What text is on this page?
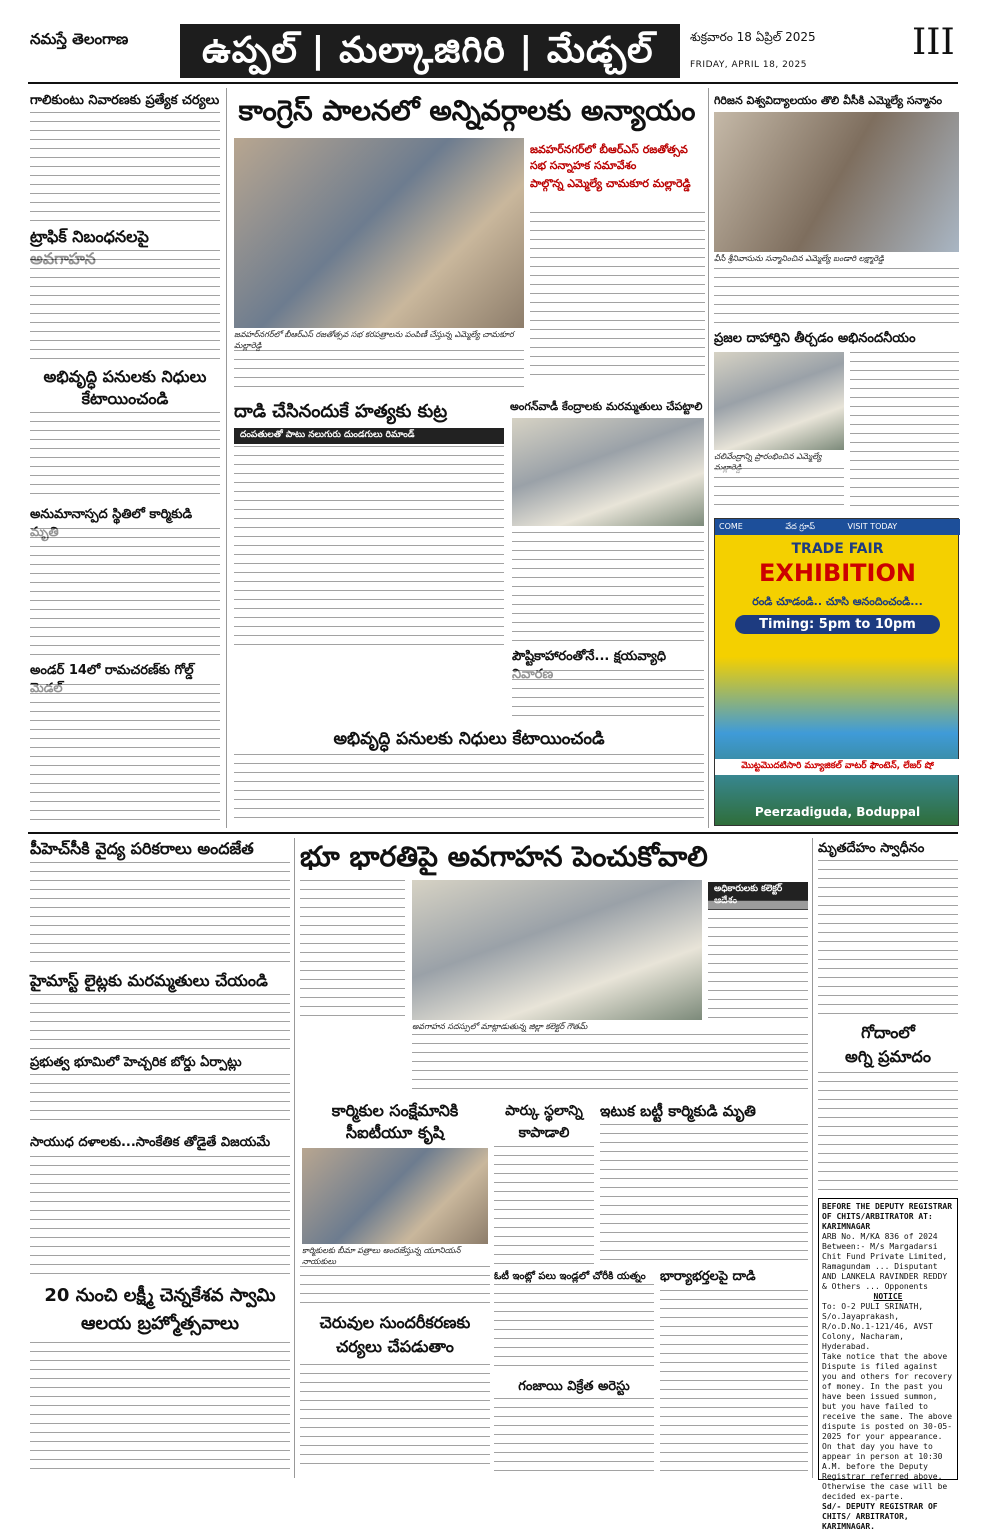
నమస్తే తెలంగాణ	ఉప్పల్ | మల్కాజిగిరి | మేడ్చల్	శుక్రవారం 18 ఏప్రిల్ 2025
FRIDAY, APRIL 18, 2025
III
గాలికుంటు నివారణకు ప్రత్యేక చర్యలు
ట్రాఫిక్ నిబంధనలపై
అభివృద్ధి పనులకు నిధులు కేటాయించండి
అనుమానాస్పద స్థితిలో కార్మికుడి
అండర్ 14లో రామచరణ్‌కు గోల్డ్
కాంగ్రెస్ పాలనలో అన్నివర్గాలకు అన్యాయం
జవహర్‌నగర్‌లో బీఆర్‌ఎస్ రజతోత్సవ సభ కరపత్రాలను పంపిణీ చేస్తున్న ఎమ్మెల్యే చామకూర మల్లారెడ్డి
జవహర్‌నగర్‌లో బీఆర్‌ఎస్ రజతోత్సవ సభ సన్నాహక సమావేశం
పాల్గొన్న ఎమ్మెల్యే చామకూర మల్లారెడ్డి
దాడి చేసినందుకే హత్యకు కుట్ర
దంపతులతో పాటు నలుగురు దుండగులు రిమాండ్
అంగన్‌వాడీ కేంద్రాలకు మరమ్మతులు చేపట్టాలి
పౌష్టికాహారంతోనే... క్షయవ్యాధి
అభివృద్ధి పనులకు నిధులు కేటాయించండి
గిరిజన విశ్వవిద్యాలయం తొలి వీసీకి ఎమ్మెల్యే సన్మానం
వీసీ శ్రీనివాసును సన్మానించిన ఎమ్మెల్యే బండారి లక్ష్మారెడ్డి
ప్రజల దాహార్తిని తీర్చడం అభినందనీయం
చలివేంద్రాన్ని ప్రారంభించిన ఎమ్మెల్యే
COME	వేద గ్రూప్	VISIT TODAY
TRADE FAIR
EXHIBITION
రండి చూడండి.. చూసి ఆనందించండి...
Timing: 5pm to 10pm
మొట్టమొదటిసారి మ్యూజికల్ వాటర్ ఫౌంటెన్, లేజర్ షో
Peerzadiguda, Boduppal
పీహెచ్‌సీకి వైద్య పరికరాలు అందజేత
హైమాస్ట్ లైట్లకు మరమ్మతులు చేయండి
ప్రభుత్వ భూమిలో హెచ్చరిక బోర్డు ఏర్పాట్లు
సాయుధ దళాలకు...సాంకేతిక తోడైతే విజయమే
20 నుంచి లక్ష్మీ చెన్నకేశవ స్వామి
ఆలయ బ్రహ్మోత్సవాలు
భూ భారతిపై అవగాహన పెంచుకోవాలి
అవగాహన సదస్సులో మాట్లాడుతున్న జిల్లా కలెక్టర్ గౌతమ్
అధికారులకు కలెక్టర్
కార్మికుల సంక్షేమానికి
సీఐటీయూ కృషి
కార్మికులకు బీమా పత్రాలు అందజేస్తున్న యూనియన్ నాయకులు
పార్కు స్థలాన్ని
కాపాడాలి
ఇటుక బట్టీ కార్మికుడి మృతి
ఓటీ ఇంట్లో పలు ఇండ్లలో చోరీకి యత్నం
చెరువుల సుందరీకరణకు
చర్యలు చేపడుతాం
గంజాయి విక్రేత అరెస్టు
భార్యాభర్తలపై దాడి
మృతదేహం స్వాధీనం
గోదాంలో
అగ్ని ప్రమాదం
BEFORE THE DEPUTY REGISTRAR OF CHITS/ARBITRATOR AT: KARIMNAGAR
ARB No. M/KA 836 of 2024
Between:- M/s Margadarsi Chit Fund Private Limited, Ramagundam ... Disputant AND LANKELA RAVINDER REDDY & Others ... Opponents
NOTICE
To: O-2 PULI SRINATH, S/o.Jayaprakash, R/o.D.No.1-121/46, AVST Colony, Nacharam, Hyderabad.
Take notice that the above Dispute is filed against you and others for recovery of money. In the past you have been issued summon, but you have failed to receive the same. The above dispute is posted on 30-05-2025 for your appearance. On that day you have to appear in person at 10:30 A.M. before the Deputy Registrar referred above. Otherwise the case will be decided ex-parte.
Sd/- DEPUTY REGISTRAR OF CHITS/ ARBITRATOR, KARIMNAGAR.
